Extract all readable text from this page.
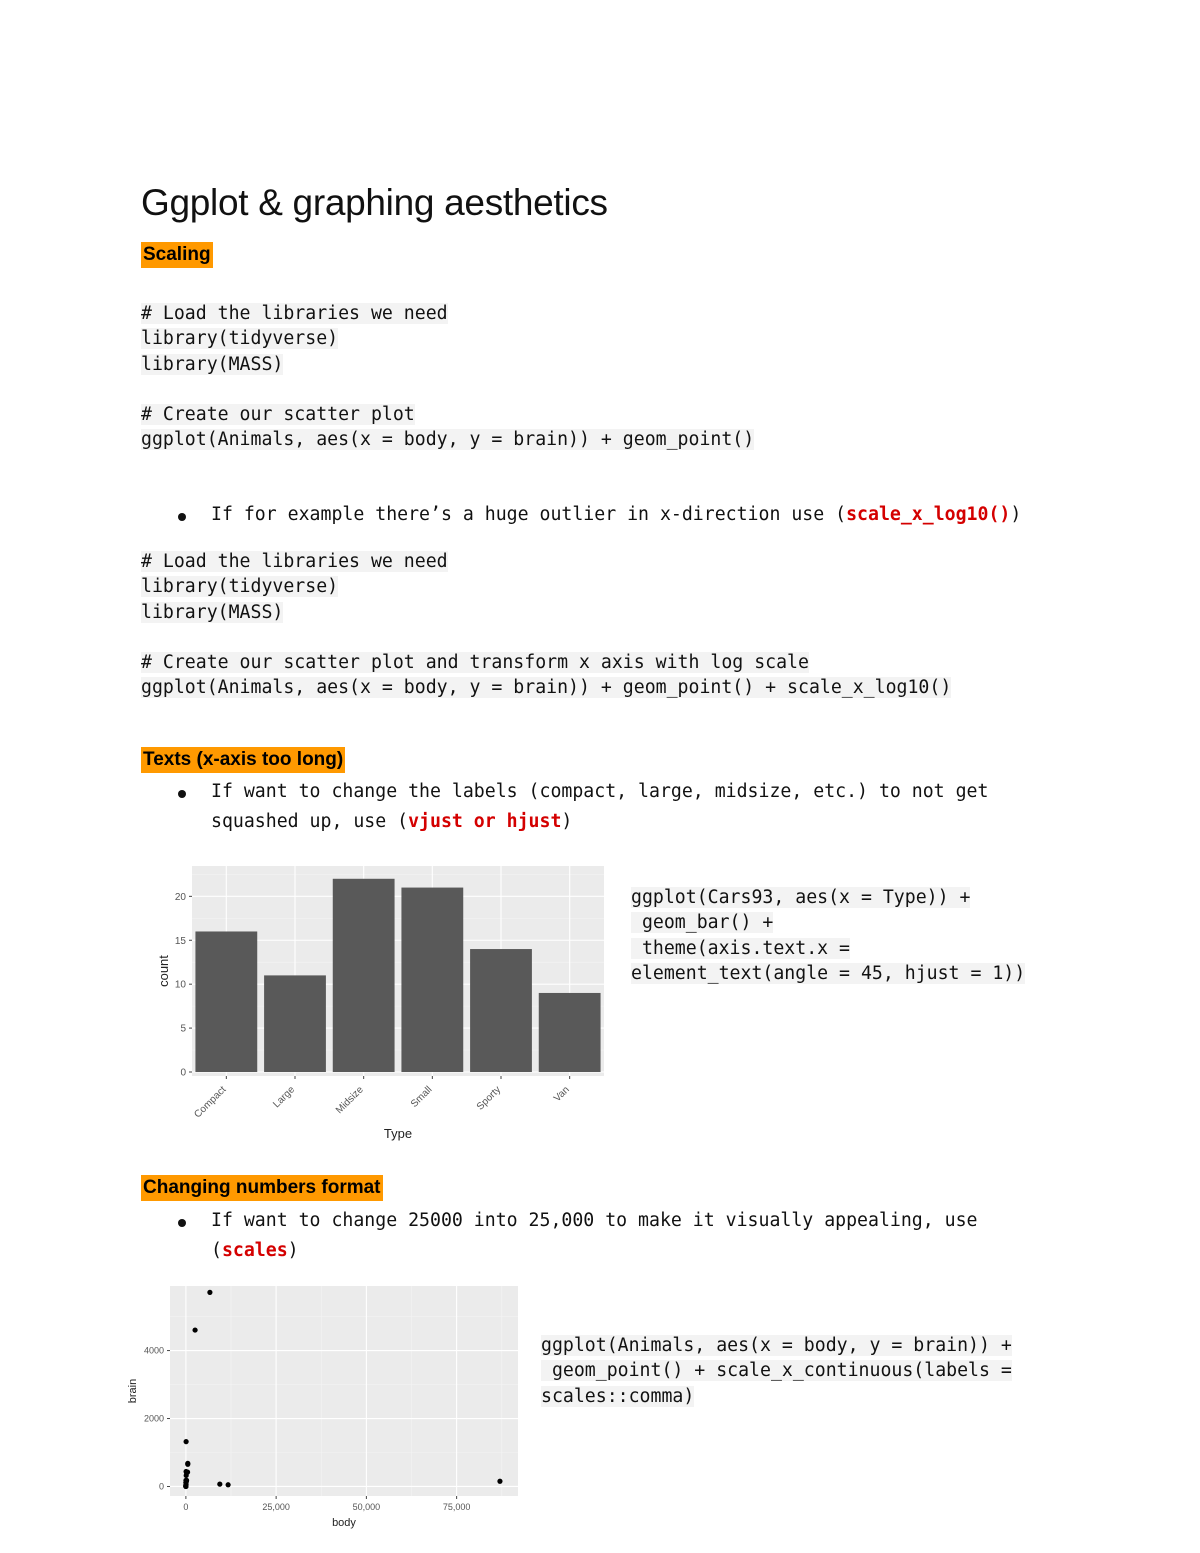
Ggplot & graphing aesthetics
Scaling
# Load the libraries we need
library(tidyverse)
library(MASS)

# Create our scatter plot
ggplot(Animals, aes(x = body, y = brain)) + geom_point()
If for example there’s a huge outlier in x-direction use (scale_x_log10())
# Load the libraries we need
library(tidyverse)
library(MASS)

# Create our scatter plot and transform x axis with log scale
ggplot(Animals, aes(x = body, y = brain)) + geom_point() + scale_x_log10()
Texts (x-axis too long)
If want to change the labels (compact, large, midsize, etc.) to not get
squashed up, use (vjust or hjust)
0
5
10
15
20
Compact	Large	Midsize	Small	Sporty	Van
Type
count
ggplot(Cars93, aes(x = Type)) +
geom_bar() +
theme(axis.text.x =
element_text(angle = 45, hjust = 1))
Changing numbers format
If want to change 25000 into 25,000 to make it visually appealing, use
(scales)
0	25,000	50,000	75,000
0
2000
4000
body
brain
ggplot(Animals, aes(x = body, y = brain)) +
geom_point() + scale_x_continuous(labels =
scales::comma)
